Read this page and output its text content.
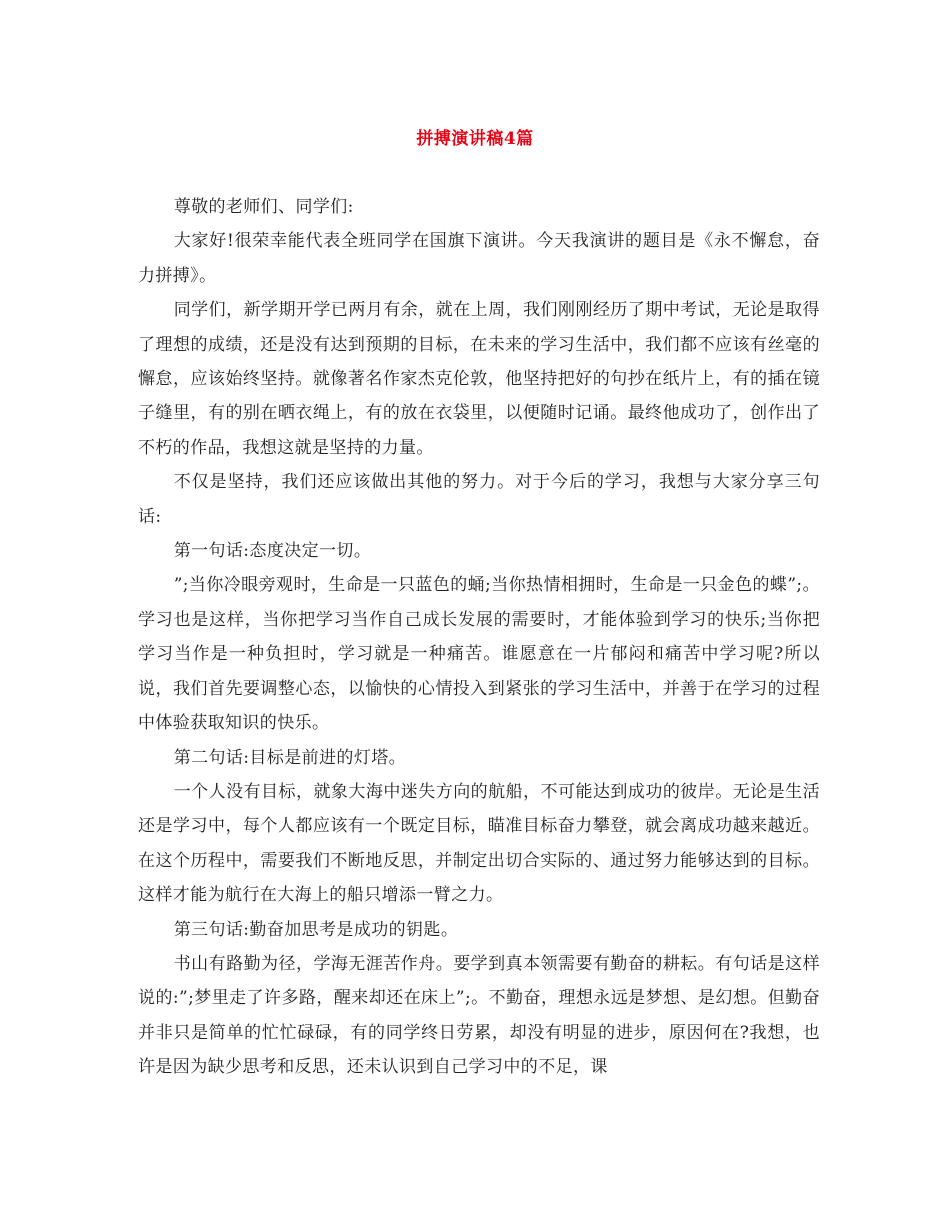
拼搏演讲稿4篇

尊敬的老师们、同学们:

大家好!很荣幸能代表全班同学在国旗下演讲。今天我演讲的题目是《永不懈怠，奋力拼搏》。

同学们，新学期开学已两月有余，就在上周，我们刚刚经历了期中考试，无论是取得了理想的成绩，还是没有达到预期的目标，在未来的学习生活中，我们都不应该有丝毫的懈怠，应该始终坚持。就像著名作家杰克伦敦，他坚持把好的句抄在纸片上，有的插在镜子缝里，有的别在晒衣绳上，有的放在衣袋里，以便随时记诵。最终他成功了，创作出了不朽的作品，我想这就是坚持的力量。

不仅是坚持，我们还应该做出其他的努力。对于今后的学习，我想与大家分享三句话:

第一句话:态度决定一切。

”;当你冷眼旁观时，生命是一只蓝色的蛹;当你热情相拥时，生命是一只金色的蝶”;。学习也是这样，当你把学习当作自己成长发展的需要时，才能体验到学习的快乐;当你把学习当作是一种负担时，学习就是一种痛苦。谁愿意在一片郁闷和痛苦中学习呢?所以说，我们首先要调整心态，以愉快的心情投入到紧张的学习生活中，并善于在学习的过程中体验获取知识的快乐。

第二句话:目标是前进的灯塔。

一个人没有目标，就象大海中迷失方向的航船，不可能达到成功的彼岸。无论是生活还是学习中，每个人都应该有一个既定目标，瞄准目标奋力攀登，就会离成功越来越近。在这个历程中，需要我们不断地反思，并制定出切合实际的、通过努力能够达到的目标。这样才能为航行在大海上的船只增添一臂之力。

第三句话:勤奋加思考是成功的钥匙。

书山有路勤为径，学海无涯苦作舟。要学到真本领需要有勤奋的耕耘。有句话是这样说的:”;梦里走了许多路，醒来却还在床上”;。不勤奋，理想永远是梦想、是幻想。但勤奋并非只是简单的忙忙碌碌，有的同学终日劳累，却没有明显的进步，原因何在?我想，也许是因为缺少思考和反思，还未认识到自己学习中的不足，课
